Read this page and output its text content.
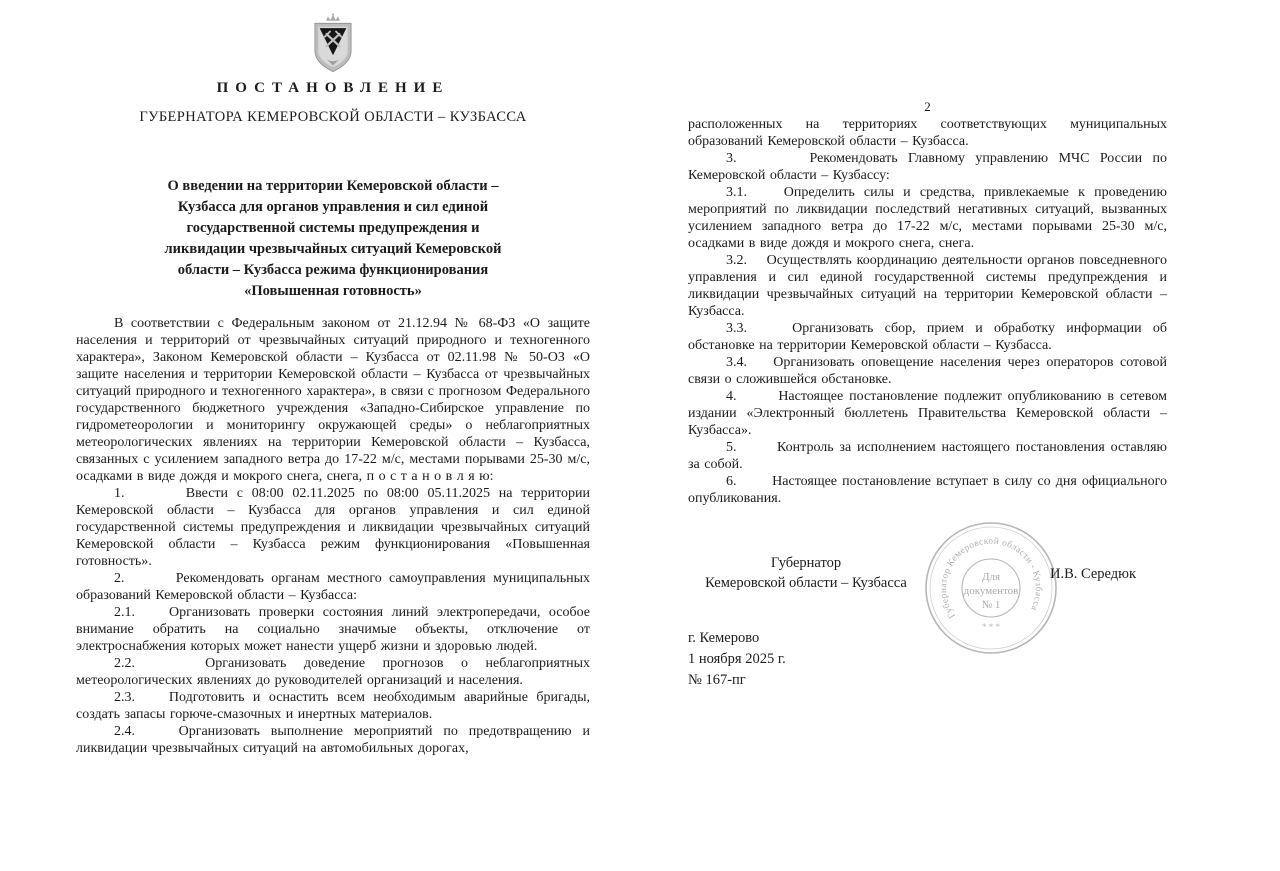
ПОСТАНОВЛЕНИЕ
ГУБЕРНАТОРА КЕМЕРОВСКОЙ ОБЛАСТИ – КУЗБАССА
О введении на территории Кемеровской области –
Кузбасса для органов управления и сил единой
государственной системы предупреждения и
ликвидации чрезвычайных ситуаций Кемеровской
области – Кузбасса режима функционирования
«Повышенная готовность»

В соответствии с Федеральным законом от 21.12.94 № 68-ФЗ «О защите населения и территорий от чрезвычайных ситуаций природного и техногенного характера», Законом Кемеровской области – Кузбасса от 02.11.98 № 50-ОЗ «О защите населения и территории Кемеровской области – Кузбасса от чрезвычайных ситуаций природного и техногенного характера», в связи с прогнозом Федерального государственного бюджетного учреждения «Западно-Сибирское управление по гидрометеорологии и мониторингу окружающей среды» о неблагоприятных метеорологических явлениях на территории Кемеровской области – Кузбасса, связанных с усилением западного ветра до 17-22 м/с, местами порывами 25-30 м/с, осадками в виде дождя и мокрого снега, снега, п о с т а н о в л я ю:

1.       Ввести с 08:00 02.11.2025 по 08:00 05.11.2025 на территории Кемеровской области – Кузбасса для органов управления и сил единой государственной системы предупреждения и ликвидации чрезвычайных ситуаций Кемеровской области – Кузбасса режим функционирования «Повышенная готовность».

2.       Рекомендовать органам местного самоуправления муниципальных образований Кемеровской области – Кузбасса:

2.1.    Организовать проверки состояния линий электропередачи, особое внимание обратить на социально значимые объекты, отключение от электроснабжения которых может нанести ущерб жизни и здоровью людей.

2.2.    Организовать доведение прогнозов о неблагоприятных метеорологических явлениях до руководителей организаций и населения.

2.3.    Подготовить и оснастить всем необходимым аварийные бригады, создать запасы горюче-смазочных и инертных материалов.

2.4.    Организовать выполнение мероприятий по предотвращению и ликвидации чрезвычайных ситуаций на автомобильных дорогах,

2

расположенных на территориях соответствующих муниципальных образований Кемеровской области – Кузбасса.

3.       Рекомендовать Главному управлению МЧС России по Кемеровской области – Кузбассу:

3.1.    Определить силы и средства, привлекаемые к проведению мероприятий по ликвидации последствий негативных ситуаций, вызванных усилением западного ветра до 17-22 м/с, местами порывами 25-30 м/с, осадками в виде дождя и мокрого снега, снега.

3.2.    Осуществлять координацию деятельности органов повседневного управления и сил единой государственной системы предупреждения и ликвидации чрезвычайных ситуаций на территории Кемеровской области – Кузбасса.

3.3.    Организовать сбор, прием и обработку информации об обстановке на территории Кемеровской области – Кузбасса.

3.4.    Организовать оповещение населения через операторов сотовой связи о сложившейся обстановке.

4.       Настоящее постановление подлежит опубликованию в сетевом издании «Электронный бюллетень Правительства Кемеровской области – Кузбасса».

5.       Контроль за исполнением настоящего постановления оставляю за собой.

6.       Настоящее постановление вступает в силу со дня официального опубликования.

Губернатор
Кемеровской области – Кузбасса
Губернатор Кемеровской области - Кузбасса
Для
документов
№ 1
* * *
И.В. Середюк
г. Кемерово
1 ноября 2025 г.
№ 167-пг
